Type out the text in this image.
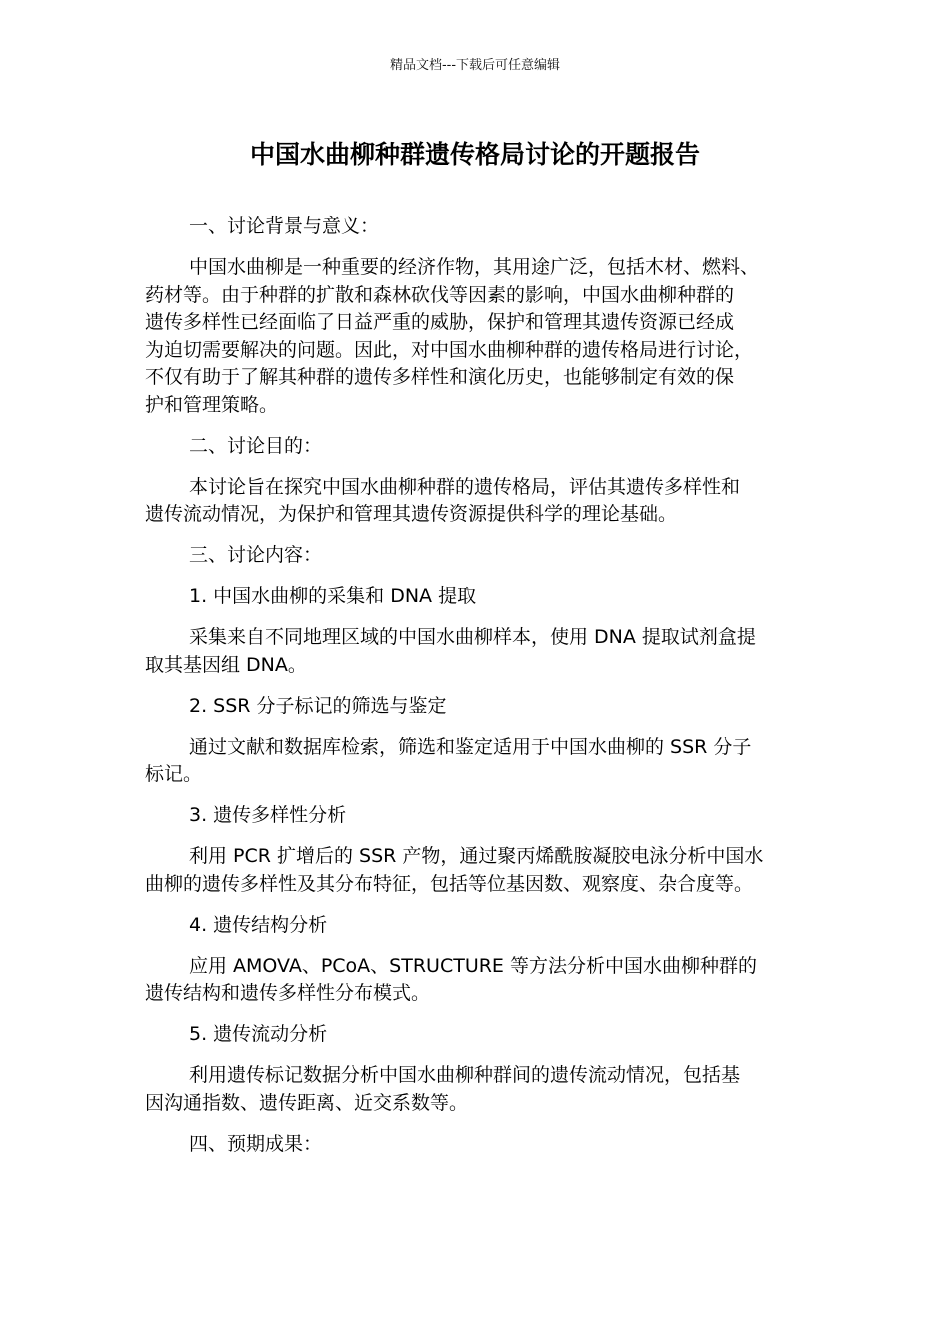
精品文档---下载后可任意编辑
中国水曲柳种群遗传格局讨论的开题报告

一、讨论背景与意义：

中国水曲柳是一种重要的经济作物，其用途广泛，包括木材、燃料、
药材等。由于种群的扩散和森林砍伐等因素的影响，中国水曲柳种群的
遗传多样性已经面临了日益严重的威胁，保护和管理其遗传资源已经成
为迫切需要解决的问题。因此，对中国水曲柳种群的遗传格局进行讨论，
不仅有助于了解其种群的遗传多样性和演化历史，也能够制定有效的保
护和管理策略。

二、讨论目的：

本讨论旨在探究中国水曲柳种群的遗传格局，评估其遗传多样性和
遗传流动情况，为保护和管理其遗传资源提供科学的理论基础。

三、讨论内容：

1. 中国水曲柳的采集和 DNA 提取

采集来自不同地理区域的中国水曲柳样本，使用 DNA 提取试剂盒提
取其基因组 DNA。

2. SSR 分子标记的筛选与鉴定

通过文献和数据库检索，筛选和鉴定适用于中国水曲柳的 SSR 分子
标记。

3. 遗传多样性分析

利用 PCR 扩增后的 SSR 产物，通过聚丙烯酰胺凝胶电泳分析中国水
曲柳的遗传多样性及其分布特征，包括等位基因数、观察度、杂合度等。

4. 遗传结构分析

应用 AMOVA、PCoA、STRUCTURE 等方法分析中国水曲柳种群的
遗传结构和遗传多样性分布模式。

5. 遗传流动分析

利用遗传标记数据分析中国水曲柳种群间的遗传流动情况，包括基
因沟通指数、遗传距离、近交系数等。

四、预期成果：
